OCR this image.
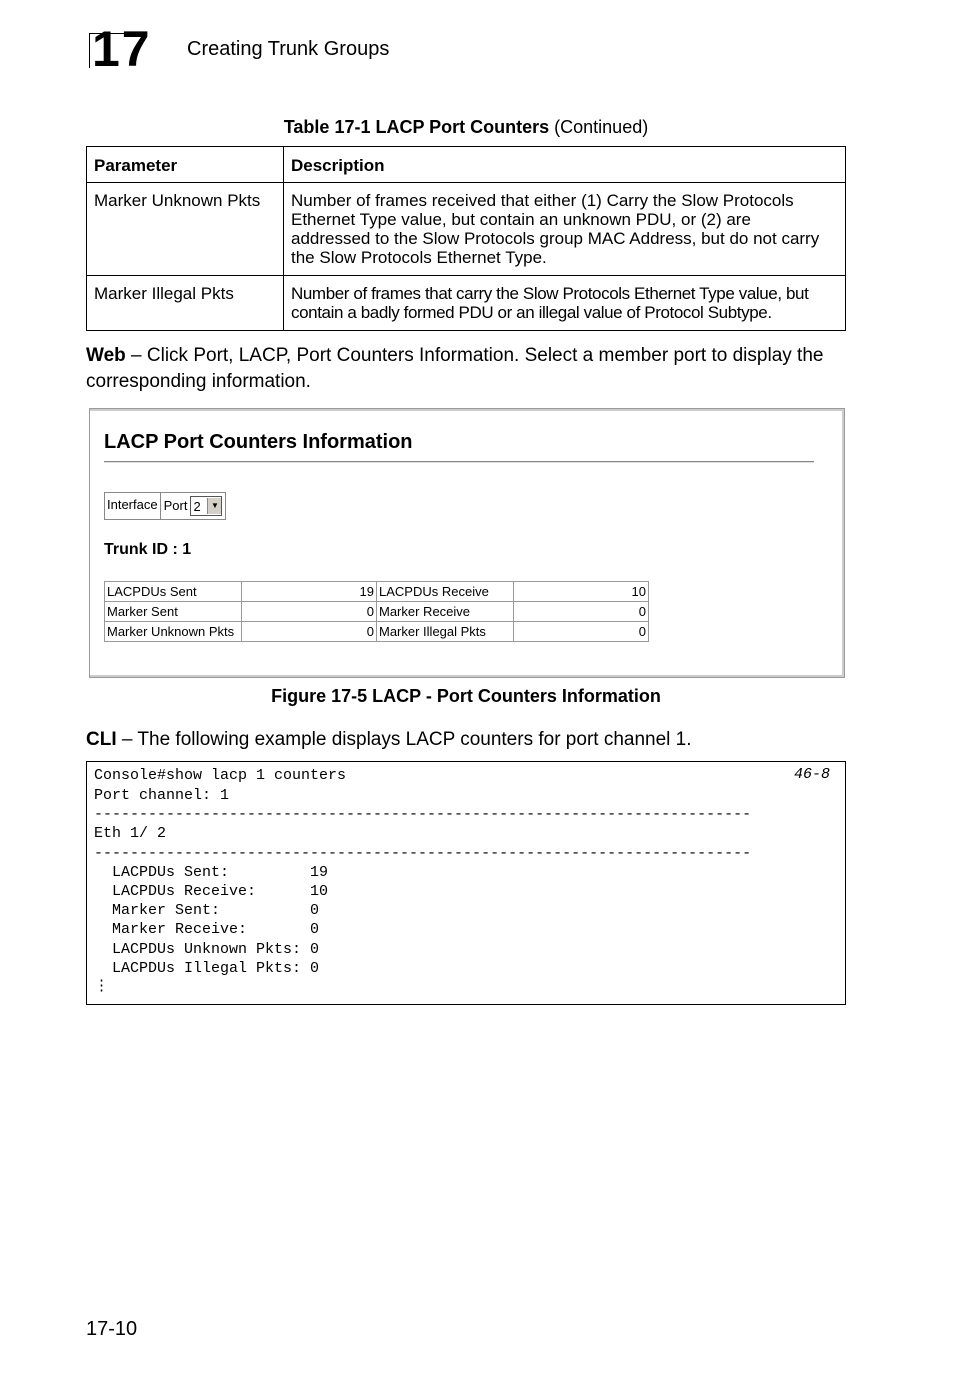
17 Creating Trunk Groups
Table 17-1 LACP Port Counters (Continued)
Parameter	Description
Marker Unknown Pkts	Number of frames received that either (1) Carry the Slow Protocols Ethernet Type value, but contain an unknown PDU, or (2) are addressed to the Slow Protocols group MAC Address, but do not carry the Slow Protocols Ethernet Type.
Marker Illegal Pkts	Number of frames that carry the Slow Protocols Ethernet Type value, but contain a badly formed PDU or an illegal value of Protocol Subtype.
Web – Click Port, LACP, Port Counters Information. Select a member port to display the corresponding information.
LACP Port Counters Information
Interface Port 2	▼
Trunk ID : 1
LACPDUs Sent	19	LACPDUs Receive	10
Marker Sent	0	Marker Receive	0
Marker Unknown Pkts	0	Marker Illegal Pkts	0
Figure 17-5 LACP - Port Counters Information
CLI – The following example displays LACP counters for port channel 1.
46-8
Console#show lacp 1 counters
Port channel: 1
-------------------------------------------------------------------------
Eth 1/ 2
-------------------------------------------------------------------------
LACPDUs Sent:         19
LACPDUs Receive:      10
Marker Sent:          0
Marker Receive:       0
LACPDUs Unknown Pkts: 0
LACPDUs Illegal Pkts: 0
⋮
17-10
